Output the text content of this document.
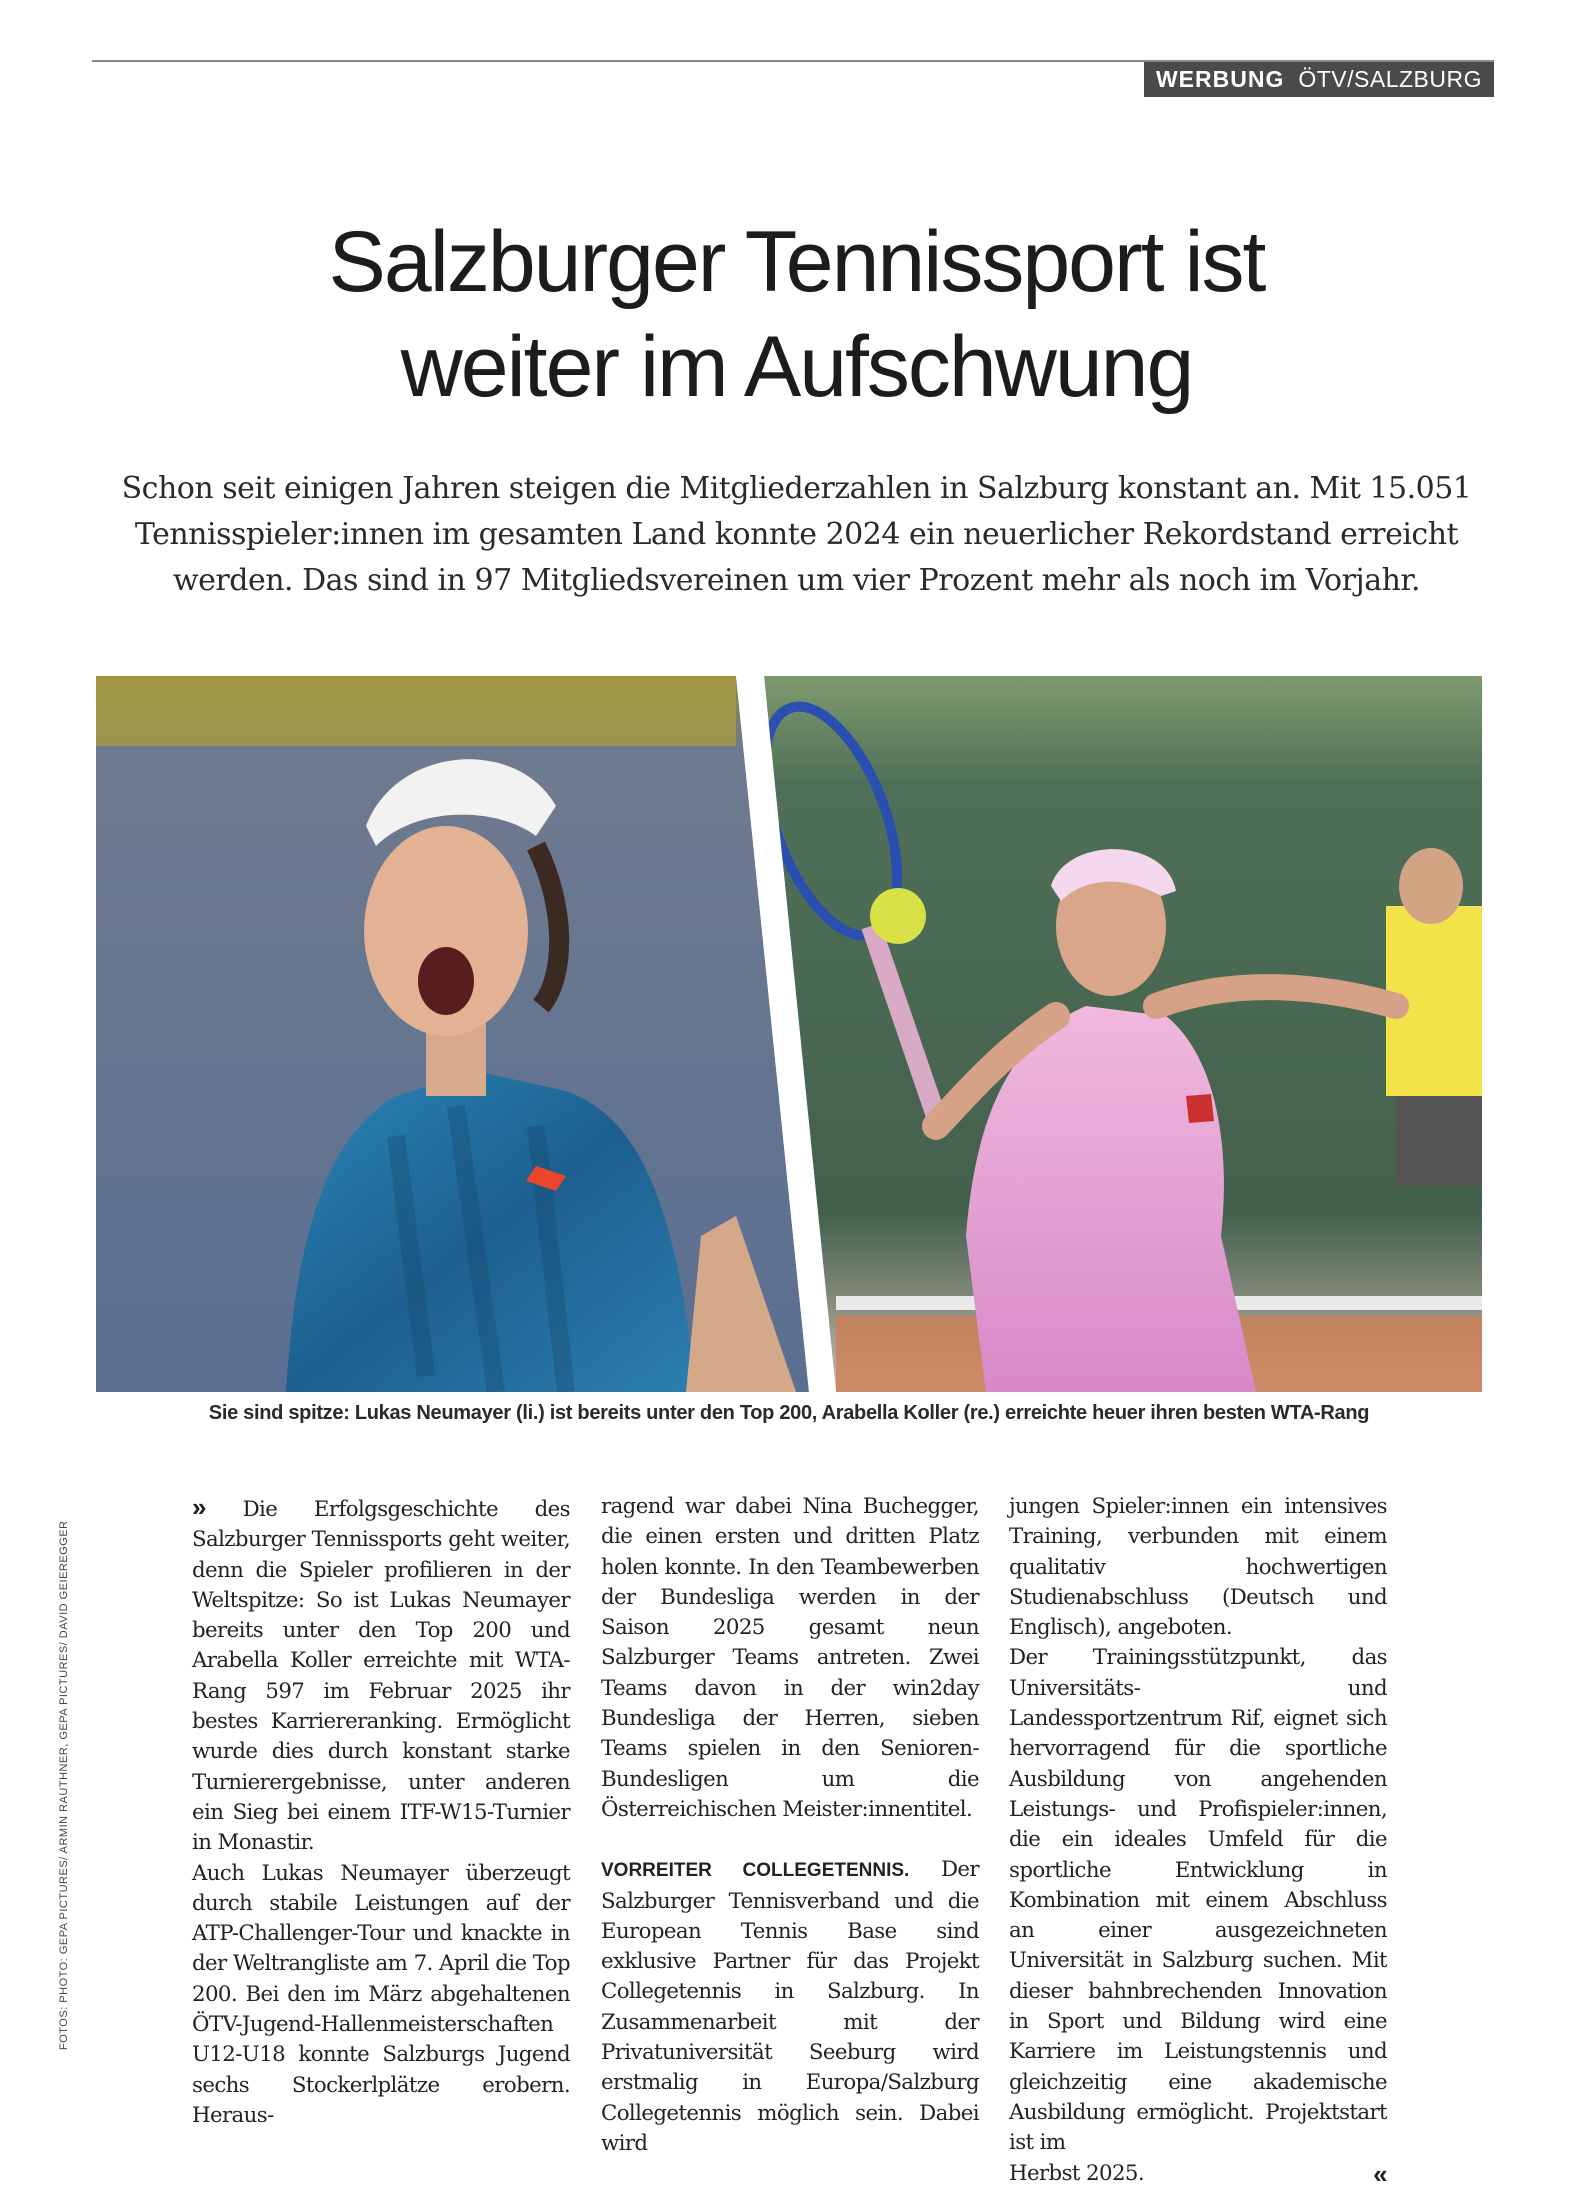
WERBUNG ÖTV/SALZBURG
Salzburger Tennissport ist
weiter im Aufschwung

Schon seit einigen Jahren steigen die Mitgliederzahlen in Salzburg konstant an. Mit 15.051 Tennisspieler:innen im gesamten Land konnte 2024 ein neuerlicher Rekordstand erreicht werden. Das sind in 97 Mitgliedsvereinen um vier Prozent mehr als noch im Vorjahr.

Sie sind spitze: Lukas Neumayer (li.) ist bereits unter den Top 200, Arabella Koller (re.) erreichte heuer ihren besten WTA-Rang

FOTOS: PHOTO: GEPA PICTURES/ ARMIN RAUTHNER, GEPA PICTURES/ DAVID GEIEREGGER

» Die Erfolgsgeschichte des Salzburger Tennissports geht weiter, denn die Spieler profilieren in der Weltspitze: So ist Lukas Neumayer bereits unter den Top 200 und Arabella Koller erreichte mit WTA-Rang 597 im Februar 2025 ihr bestes Karriereranking. Ermöglicht wurde dies durch konstant starke Turnierergebnisse, unter anderen ein Sieg bei einem ITF-W15-Turnier in Monastir.

Auch Lukas Neumayer überzeugt durch stabile Leistungen auf der ATP-Challenger-Tour und knackte in der Weltrangliste am 7. April die Top 200. Bei den im März abgehaltenen ÖTV-Jugend-Hallenmeisterschaften U12-U18 konnte Salzburgs Jugend sechs Stockerlplätze erobern. Heraus-

ragend war dabei Nina Buchegger, die einen ersten und dritten Platz holen konnte. In den Teambewerben der Bundesliga werden in der Saison 2025 gesamt neun Salzburger Teams antreten. Zwei Teams davon in der win2day Bundesliga der Herren, sieben Teams spielen in den Senioren-Bundesligen um die Österreichischen Meister:innentitel.

VORREITER COLLEGETENNIS. Der Salzburger Tennisverband und die European Tennis Base sind exklusive Partner für das Projekt Collegetennis in Salzburg. In Zusammenarbeit mit der Privatuniversität Seeburg wird erstmalig in Europa/Salzburg Collegetennis möglich sein. Dabei wird

jungen Spieler:innen ein intensives Training, verbunden mit einem qualitativ hochwertigen Studienabschluss (Deutsch und Englisch), angeboten.

Der Trainingsstützpunkt, das Universitäts- und Landessportzentrum Rif, eignet sich hervorragend für die sportliche Ausbildung von angehenden Leistungs- und Profispieler:innen, die ein ideales Umfeld für die sportliche Entwicklung in Kombination mit einem Abschluss an einer ausgezeichneten Universität in Salzburg suchen. Mit dieser bahnbrechenden Innovation in Sport und Bildung wird eine Karriere im Leistungstennis und gleichzeitig eine akademische Ausbildung ermöglicht. Projektstart ist im

Herbst 2025.	«
